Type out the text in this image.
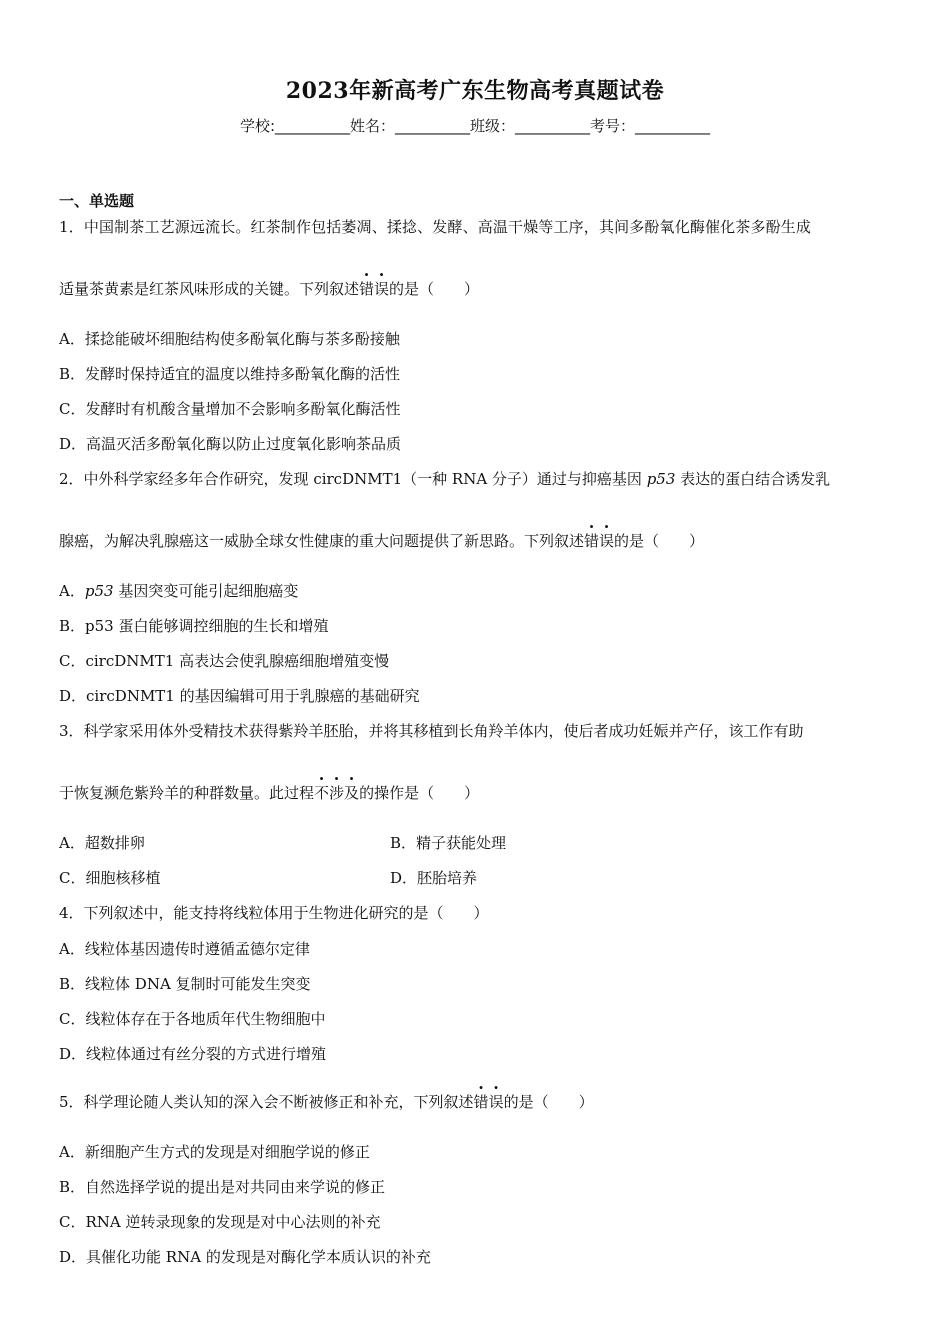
2023年新高考广东生物高考真题试卷
学校:__________姓名：__________班级：__________考号：__________
一、单选题
1．中国制茶工艺源远流长。红茶制作包括萎凋、揉捻、发酵、高温干燥等工序，其间多酚氧化酶催化茶多酚生成
适量茶黄素是红茶风味形成的关键。下列叙述错
·
误
·
的是（　　）
A．揉捻能破坏细胞结构使多酚氧化酶与茶多酚接触
B．发酵时保持适宜的温度以维持多酚氧化酶的活性
C．发酵时有机酸含量增加不会影响多酚氧化酶活性
D．高温灭活多酚氧化酶以防止过度氧化影响茶品质
2．中外科学家经多年合作研究，发现 circDNMT1（一种 RNA 分子）通过与抑癌基因 p53 表达的蛋白结合诱发乳
腺癌，为解决乳腺癌这一威胁全球女性健康的重大问题提供了新思路。下列叙述错
·
误
·
的是（　　）
A．p53 基因突变可能引起细胞癌变
B．p53 蛋白能够调控细胞的生长和增殖
C．circDNMT1 高表达会使乳腺癌细胞增殖变慢
D．circDNMT1 的基因编辑可用于乳腺癌的基础研究
3．科学家采用体外受精技术获得紫羚羊胚胎，并将其移植到长角羚羊体内，使后者成功妊娠并产仔，该工作有助
于恢复濒危紫羚羊的种群数量。此过程不
·
涉
·
及
·
的操作是（　　）
A．超数排卵	B．精子获能处理
C．细胞核移植	D．胚胎培养
4．下列叙述中，能支持将线粒体用于生物进化研究的是（　　）
A．线粒体基因遗传时遵循孟德尔定律
B．线粒体 DNA 复制时可能发生突变
C．线粒体存在于各地质年代生物细胞中
D．线粒体通过有丝分裂的方式进行增殖
5．科学理论随人类认知的深入会不断被修正和补充，下列叙述错
·
误
·
的是（　　）
A．新细胞产生方式的发现是对细胞学说的修正
B．自然选择学说的提出是对共同由来学说的修正
C．RNA 逆转录现象的发现是对中心法则的补充
D．具催化功能 RNA 的发现是对酶化学本质认识的补充
